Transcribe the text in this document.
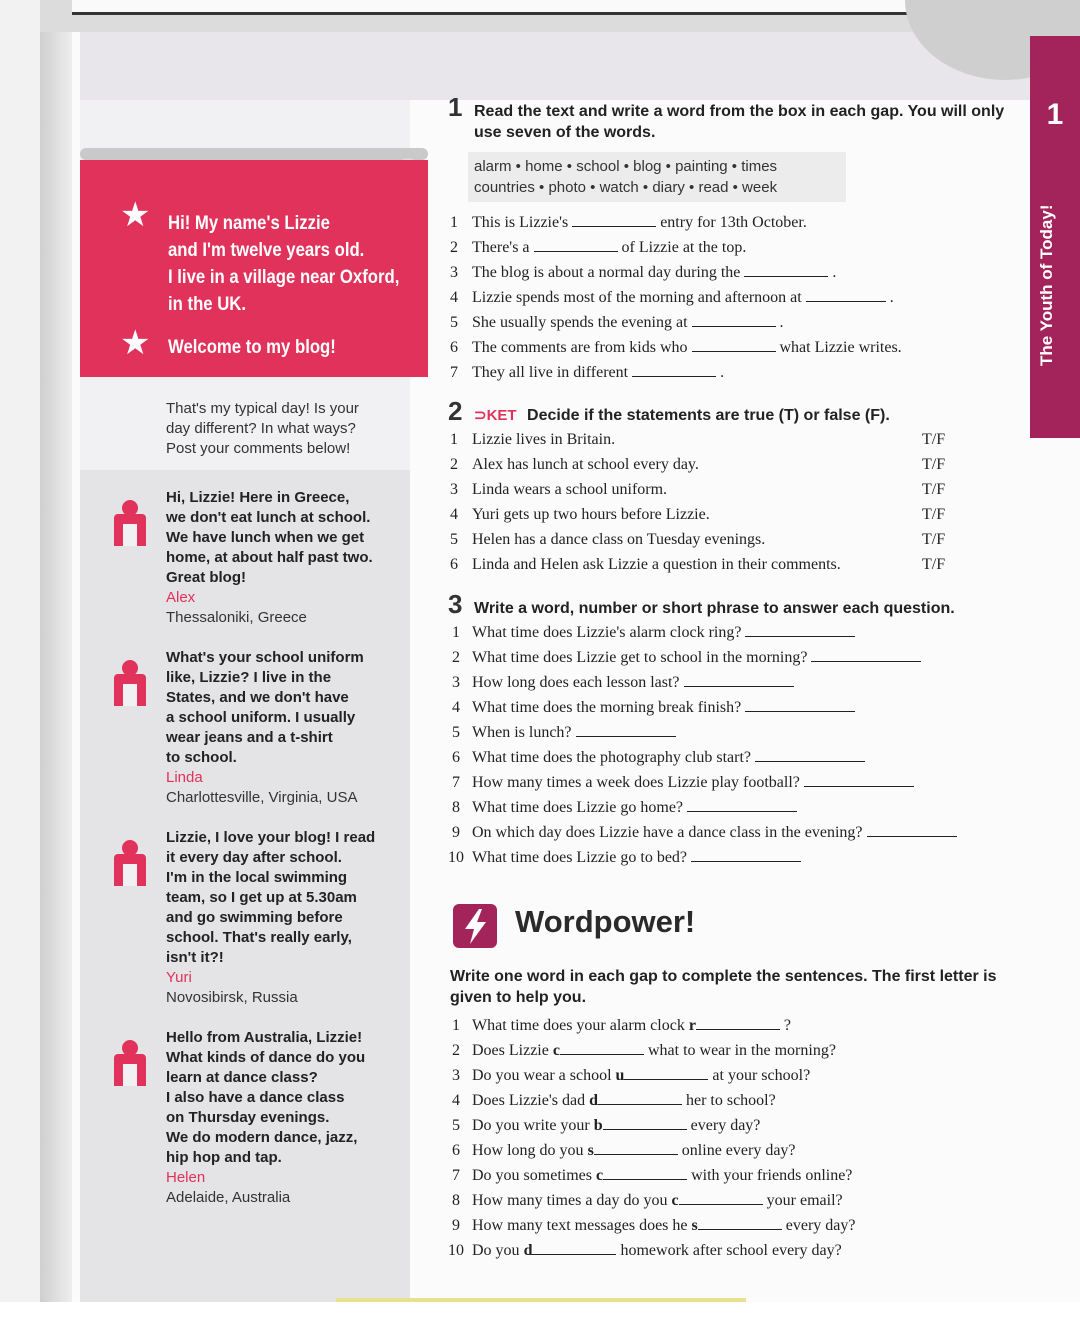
1
The Youth of Today!
★ Hi! My name's Lizzie
and I'm twelve years old.
I live in a village near Oxford,
in the UK.
★ Welcome to my blog!
That's my typical day! Is your
day different? In what ways?
Post your comments below!
Hi, Lizzie! Here in Greece,
we don't eat lunch at school.
We have lunch when we get
home, at about half past two.
Great blog!
Alex
Thessaloniki, Greece
What's your school uniform
like, Lizzie? I live in the
States, and we don't have
a school uniform. I usually
wear jeans and a t-shirt
to school.
Linda
Charlottesville, Virginia, USA
Lizzie, I love your blog! I read
it every day after school.
I'm in the local swimming
team, so I get up at 5.30am
and go swimming before
school. That's really early,
isn't it?!
Yuri
Novosibirsk, Russia
Hello from Australia, Lizzie!
What kinds of dance do you
learn at dance class?
I also have a dance class
on Thursday evenings.
We do modern dance, jazz,
hip hop and tap.
Helen
Adelaide, Australia
1 Read the text and write a word from the box in each gap. You will only
use seven of the words.
alarm • home • school • blog • painting • times
countries • photo • watch • diary • read • week
1 This is Lizzie's	entry for 13th October.
2 There's a	of Lizzie at the top.
3 The blog is about a normal day during the	.
4 Lizzie spends most of the morning and afternoon at	.
5 She usually spends the evening at	.
6 The comments are from kids who	what Lizzie writes.
7 They all live in different	.
2 ⊃KET Decide if the statements are true (T) or false (F).
1 Lizzie lives in Britain.	T/F
2 Alex has lunch at school every day.	T/F
3 Linda wears a school uniform.	T/F
4 Yuri gets up two hours before Lizzie.	T/F
5 Helen has a dance class on Tuesday evenings.	T/F
6 Linda and Helen ask Lizzie a question in their comments.	T/F
3 Write a word, number or short phrase to answer each question.
1 What time does Lizzie's alarm clock ring?
2 What time does Lizzie get to school in the morning?
3 How long does each lesson last?
4 What time does the morning break finish?
5 When is lunch?
6 What time does the photography club start?
7 How many times a week does Lizzie play football?
8 What time does Lizzie go home?
9 On which day does Lizzie have a dance class in the evening?
10 What time does Lizzie go to bed?
Wordpower!
Write one word in each gap to complete the sentences. The first letter is
given to help you.
1 What time does your alarm clock r	?
2 Does Lizzie c	what to wear in the morning?
3 Do you wear a school u	at your school?
4 Does Lizzie's dad d	her to school?
5 Do you write your b	every day?
6 How long do you s	online every day?
7 Do you sometimes c	with your friends online?
8 How many times a day do you c	your email?
9 How many text messages does he s	every day?
10 Do you d	homework after school every day?
